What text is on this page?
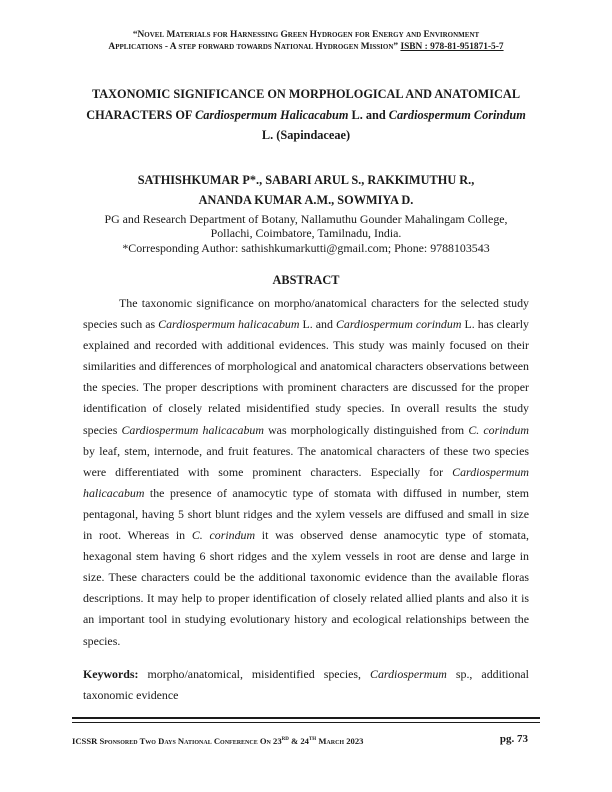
“Novel Materials for Harnessing Green Hydrogen for Energy and Environment
Applications - A step forward towards National Hydrogen Mission” ISBN : 978-81-951871-5-7
TAXONOMIC SIGNIFICANCE ON MORPHOLOGICAL AND ANATOMICAL CHARACTERS OF Cardiospermum Halicacabum L. and Cardiospermum Corindum
L. (Sapindaceae)
SATHISHKUMAR P*., SABARI ARUL S., RAKKIMUTHU R.,
ANANDA KUMAR A.M., SOWMIYA D.
PG and Research Department of Botany, Nallamuthu Gounder Mahalingam College,
Pollachi, Coimbatore, Tamilnadu, India.
*Corresponding Author: sathishkumarkutti@gmail.com; Phone: 9788103543
ABSTRACT

The taxonomic significance on morpho/anatomical characters for the selected study species such as Cardiospermum halicacabum L. and Cardiospermum corindum L. has clearly explained and recorded with additional evidences. This study was mainly focused on their similarities and differences of morphological and anatomical characters observations between the species. The proper descriptions with prominent characters are discussed for the proper identification of closely related misidentified study species. In overall results the study species Cardiospermum halicacabum was morphologically distinguished from C. corindum by leaf, stem, internode, and fruit features. The anatomical characters of these two species were differentiated with some prominent characters. Especially for Cardiospermum halicacabum the presence of anamocytic type of stomata with diffused in number, stem pentagonal, having 5 short blunt ridges and the xylem vessels are diffused and small in size in root. Whereas in C. corindum it was observed dense anamocytic type of stomata, hexagonal stem having 6 short ridges and the xylem vessels in root are dense and large in size. These characters could be the additional taxonomic evidence than the available floras descriptions. It may help to proper identification of closely related allied plants and also it is an important tool in studying evolutionary history and ecological relationships between the species.

Keywords: morpho/anatomical, misidentified species, Cardiospermum sp., additional taxonomic evidence
ICSSR Sponsored Two Days National Conference On 23rd & 24th March 2023	pg. 73
